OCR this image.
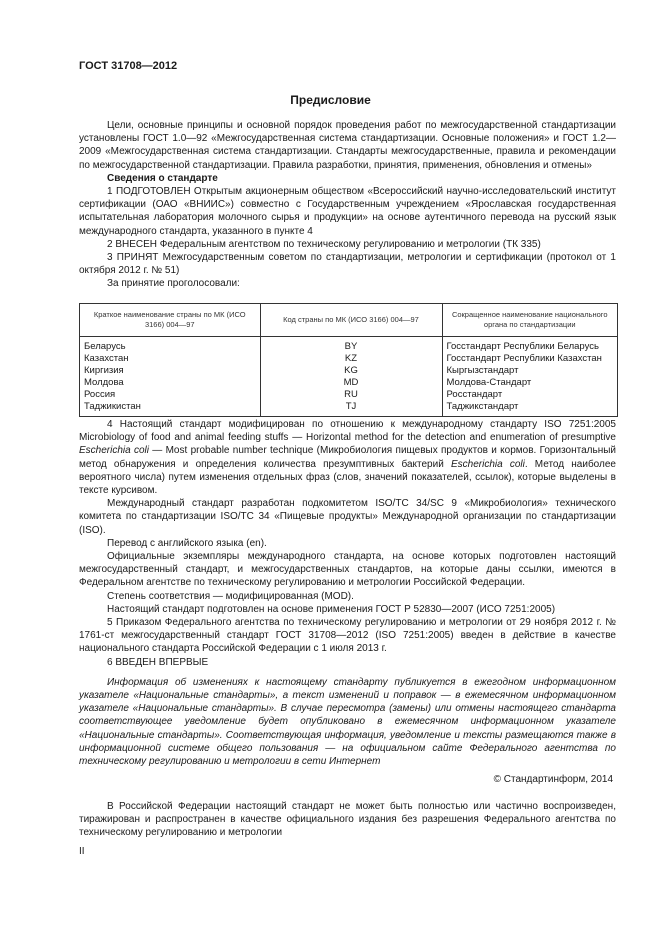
ГОСТ 31708—2012
Предисловие

Цели, основные принципы и основной порядок проведения работ по межгосударственной стандартизации установлены ГОСТ 1.0—92 «Межгосударственная система стандартизации. Основные положения» и ГОСТ 1.2—2009 «Межгосударственная система стандартизации. Стандарты межгосударственные, правила и рекомендации по межгосударственной стандартизации. Правила разработки, принятия, применения, обновления и отмены»

Сведения о стандарте

1 ПОДГОТОВЛЕН Открытым акционерным обществом «Всероссийский научно-исследовательский институт сертификации (ОАО «ВНИИС») совместно с Государственным учреждением «Ярославская государственная испытательная лаборатория молочного сырья и продукции» на основе аутентичного перевода на русский язык международного стандарта, указанного в пункте 4

2 ВНЕСЕН Федеральным агентством по техническому регулированию и метрологии (ТК 335)

3 ПРИНЯТ Межгосударственным советом по стандартизации, метрологии и сертификации (протокол от 1 октября 2012 г. № 51)

За принятие проголосовали:

Краткое наименование страны по МК (ИСО 3166) 004—97	Код страны по МК (ИСО 3166) 004—97	Сокращенное наименование национального органа по стандартизации
Беларусь	BY	Госстандарт Республики Беларусь
Казахстан	KZ	Госстандарт Республики Казахстан
Киргизия	KG	Кыргызстандарт
Молдова	MD	Молдова-Стандарт
Россия	RU	Росстандарт
Таджикистан	TJ	Таджикстандарт

4 Настоящий стандарт модифицирован по отношению к международному стандарту ISO 7251:2005 Microbiology of food and animal feeding stuffs — Horizontal method for the detection and enumeration of presumptive Escherichia coli — Most probable number technique (Микробиология пищевых продуктов и кормов. Горизонтальный метод обнаружения и определения количества презумптивных бактерий Escherichia coli. Метод наиболее вероятного числа) путем изменения отдельных фраз (слов, значений показателей, ссылок), которые выделены в тексте курсивом.

Международный стандарт разработан подкомитетом ISO/TC 34/SC 9 «Микробиология» технического комитета по стандартизации ISO/TC 34 «Пищевые продукты» Международной организации по стандартизации (ISO).

Перевод с английского языка (en).

Официальные экземпляры международного стандарта, на основе которых подготовлен настоящий межгосударственный стандарт, и межгосударственных стандартов, на которые даны ссылки, имеются в Федеральном агентстве по техническому регулированию и метрологии Российской Федерации.

Степень соответствия — модифицированная (MOD).

Настоящий стандарт подготовлен на основе применения ГОСТ Р 52830—2007 (ИСО 7251:2005)

5 Приказом Федерального агентства по техническому регулированию и метрологии от 29 ноября 2012 г. № 1761-ст межгосударственный стандарт ГОСТ 31708—2012 (ISO 7251:2005) введен в действие в качестве национального стандарта Российской Федерации с 1 июля 2013 г.

6 ВВЕДЕН ВПЕРВЫЕ

Информация об изменениях к настоящему стандарту публикуется в ежегодном информационном указателе «Национальные стандарты», а текст изменений и поправок — в ежемесячном информационном указателе «Национальные стандарты». В случае пересмотра (замены) или отмены настоящего стандарта соответствующее уведомление будет опубликовано в ежемесячном информационном указателе «Национальные стандарты». Соответствующая информация, уведомление и тексты размещаются также в информационной системе общего пользования — на официальном сайте Федерального агентства по техническому регулированию и метрологии в сети Интернет

© Стандартинформ, 2014

В Российской Федерации настоящий стандарт не может быть полностью или частично воспроизведен, тиражирован и распространен в качестве официального издания без разрешения Федерального агентства по техническому регулированию и метрологии

II
